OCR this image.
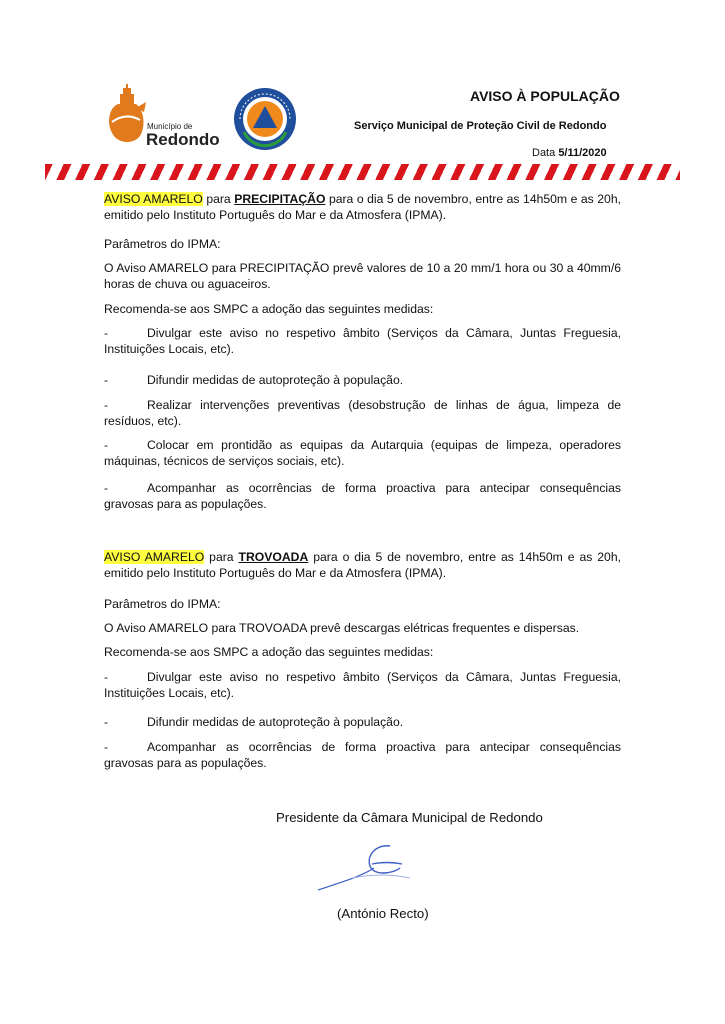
Município de
Redondo
AVISO À POPULAÇÃO
Serviço Municipal de Proteção Civil de Redondo
Data 5/11/2020

AVISO AMARELO para PRECIPITAÇÃO para o dia 5 de novembro, entre as 14h50m e as 20h, emitido pelo Instituto Português do Mar e da Atmosfera (IPMA).

Parâmetros do IPMA:

O Aviso AMARELO para PRECIPITAÇÃO prevê valores de 10 a 20 mm/1 hora ou 30 a 40mm/6 horas de chuva ou aguaceiros.

Recomenda-se aos SMPC a adoção das seguintes medidas:

-	Divulgar este aviso no respetivo âmbito (Serviços da Câmara, Juntas Freguesia, Instituições Locais, etc).

-	Difundir medidas de autoproteção à população.

-	Realizar intervenções preventivas (desobstrução de linhas de água, limpeza de resíduos, etc).

-	Colocar em prontidão as equipas da Autarquia (equipas de limpeza, operadores máquinas, técnicos de serviços sociais, etc).

-	Acompanhar as ocorrências de forma proactiva para antecipar consequências gravosas para as populações.

AVISO AMARELO para TROVOADA para o dia 5 de novembro, entre as 14h50m e as 20h, emitido pelo Instituto Português do Mar e da Atmosfera (IPMA).

Parâmetros do IPMA:

O Aviso AMARELO para TROVOADA prevê descargas elétricas frequentes e dispersas.

Recomenda-se aos SMPC a adoção das seguintes medidas:

-	Divulgar este aviso no respetivo âmbito (Serviços da Câmara, Juntas Freguesia, Instituições Locais, etc).

-	Difundir medidas de autoproteção à população.

-	Acompanhar as ocorrências de forma proactiva para antecipar consequências gravosas para as populações.

Presidente da Câmara Municipal de Redondo
(António Recto)
